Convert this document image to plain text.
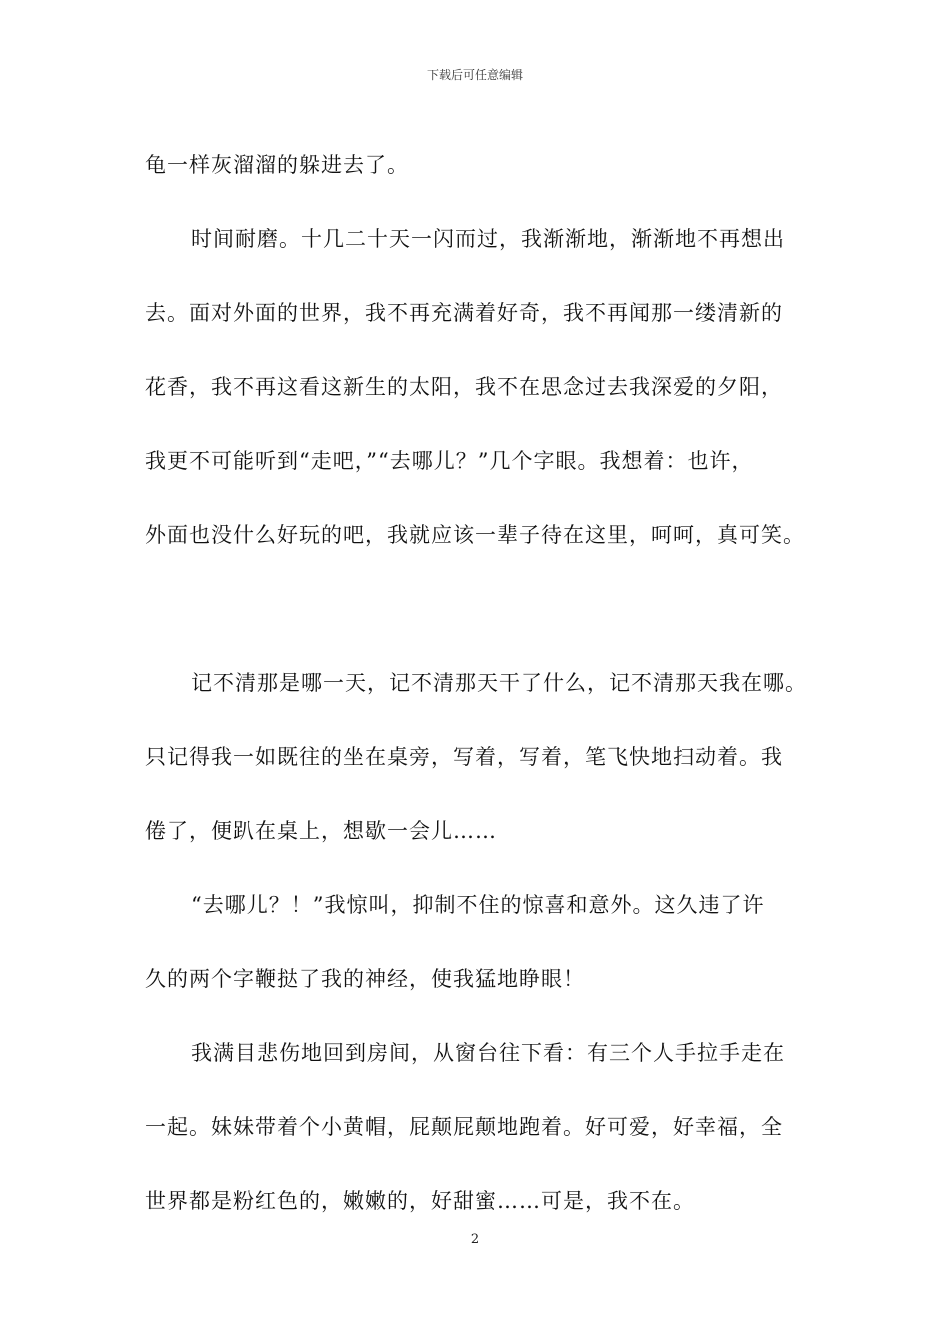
下载后可任意编辑
龟一样灰溜溜的躲进去了。
时间耐磨。十几二十天一闪而过，我渐渐地，渐渐地不再想出
去。面对外面的世界，我不再充满着好奇，我不再闻那一缕清新的
花香，我不再这看这新生的太阳，我不在思念过去我深爱的夕阳，
我更不可能听到“走吧，”“去哪儿？”几个字眼。我想着：也许，
外面也没什么好玩的吧，我就应该一辈子待在这里，呵呵，真可笑。
记不清那是哪一天，记不清那天干了什么，记不清那天我在哪。
只记得我一如既往的坐在桌旁，写着，写着，笔飞快地扫动着。我
倦了，便趴在桌上，想歇一会儿……
“去哪儿？！”我惊叫，抑制不住的惊喜和意外。这久违了许
久的两个字鞭挞了我的神经，使我猛地睁眼！
我满目悲伤地回到房间，从窗台往下看：有三个人手拉手走在
一起。妹妹带着个小黄帽，屁颠屁颠地跑着。好可爱，好幸福，全
世界都是粉红色的，嫩嫩的，好甜蜜……可是，我不在。
2
